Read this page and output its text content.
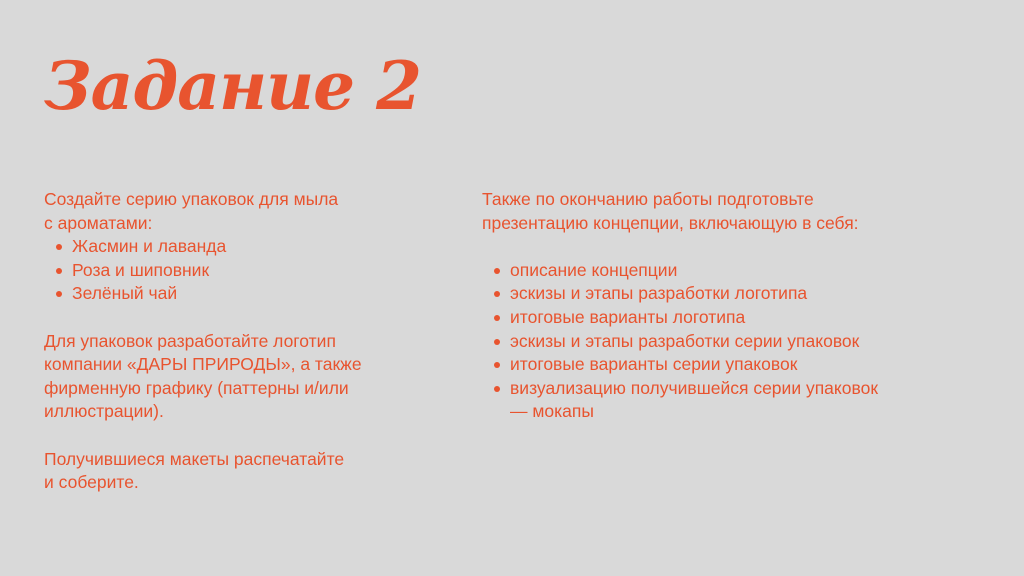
Задание 2

Создайте серию упаковок для мыла
с ароматами:

Жасмин и лаванда
Роза и шиповник
Зелёный чай

Для упаковок разработайте логотип
компании «ДАРЫ ПРИРОДЫ», а также
фирменную графику (паттерны и/или
иллюстрации).

Получившиеся макеты распечатайте
и соберите.

Также по окончанию работы подготовьте
презентацию концепции, включающую в себя:

описание концепции
эскизы и этапы разработки логотипа
итоговые варианты логотипа
эскизы и этапы разработки серии упаковок
итоговые варианты серии упаковок
визуализацию получившейся серии упаковок
— мокапы
